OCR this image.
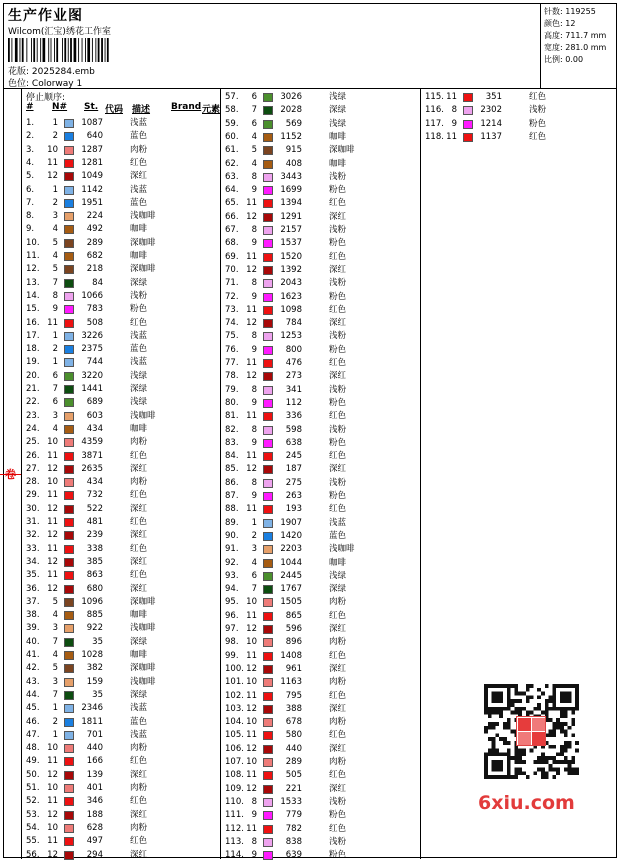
生产作业图
Wilcom(汇宝)绣花工作室
花版: 2025284.emb
色位: Colorway 1
针数: 119255
颜色: 12
高度: 711.7 mm
宽度: 281.0 mm
比例: 0.00
停止顺序:
# N# St. 代码 描述 Brand 元素
1.	1	1087	浅蓝
2.	2	640	蓝色
3.	10	1287	肉粉
4.	11	1281	红色
5.	12	1049	深红
6.	1	1142	浅蓝
7.	2	1951	蓝色
8.	3	224	浅咖啡
9.	4	492	咖啡
10.	5	289	深咖啡
11.	4	682	咖啡
12.	5	218	深咖啡
13.	7	84	深绿
14.	8	1066	浅粉
15.	9	783	粉色
16. 11	508	红色
17.	1	3226	浅蓝
18.	2	2375	蓝色
19.	1	744	浅蓝
20.	6	3220	浅绿
21.	7	1441	深绿
22.	6	689	浅绿
23.	3	603	浅咖啡
24.	4	434	咖啡
25. 10	4359	肉粉
26. 11	3871	红色
27. 12	2635	深红
28. 10	434	肉粉
29. 11	732	红色
30. 12	522	深红
31. 11	481	红色
32. 12	239	深红
33. 11	338	红色
34. 12	385	深红
35. 11	863	红色
36. 12	680	深红
37.	5	1096	深咖啡
38.	4	885	咖啡
39.	3	922	浅咖啡
40.	7	35	深绿
41.	4	1028	咖啡
42.	5	382	深咖啡
43.	3	159	浅咖啡
44.	7	35	深绿
45.	1	2346	浅蓝
46.	2	1811	蓝色
47.	1	701	浅蓝
48. 10	440	肉粉
49. 11	166	红色
50. 12	139	深红
51. 10	401	肉粉
52. 11	346	红色
53. 12	188	深红
54. 10	628	肉粉
55. 11	497	红色
56. 12	294	深红
57.	6	3026	浅绿
58.	7	2028	深绿
59.	6	569	浅绿
60.	4	1152	咖啡
61.	5	915	深咖啡
62.	4	408	咖啡
63.	8	3443	浅粉
64.	9	1699	粉色
65. 11	1394	红色
66. 12	1291	深红
67.	8	2157	浅粉
68.	9	1537	粉色
69. 11	1520	红色
70. 12	1392	深红
71.	8	2043	浅粉
72.	9	1623	粉色
73. 11	1098	红色
74. 12	784	深红
75.	8	1253	浅粉
76.	9	800	粉色
77. 11	476	红色
78. 12	273	深红
79.	8	341	浅粉
80.	9	112	粉色
81. 11	336	红色
82.	8	598	浅粉
83.	9	638	粉色
84. 11	245	红色
85. 12	187	深红
86.	8	275	浅粉
87.	9	263	粉色
88. 11	193	红色
89.	1	1907	浅蓝
90.	2	1420	蓝色
91.	3	2203	浅咖啡
92.	4	1044	咖啡
93.	6	2445	浅绿
94.	7	1767	深绿
95. 10	1505	肉粉
96. 11	865	红色
97. 12	596	深红
98. 10	896	肉粉
99. 11	1408	红色
100. 12	961	深红
101. 10	1163	肉粉
102. 11	795	红色
103. 12	388	深红
104. 10	678	肉粉
105. 11	580	红色
106. 12	440	深红
107. 10	289	肉粉
108. 11	505	红色
109. 12	221	深红
110. 8	1533	浅粉
111. 9	779	粉色
112. 11	782	红色
113. 8	838	浅粉
114. 9	639	粉色
115. 11	351	红色
116. 8	2302	浅粉
117. 9	1214	粉色
118. 11	1137	红色
6xiu.com
卷
